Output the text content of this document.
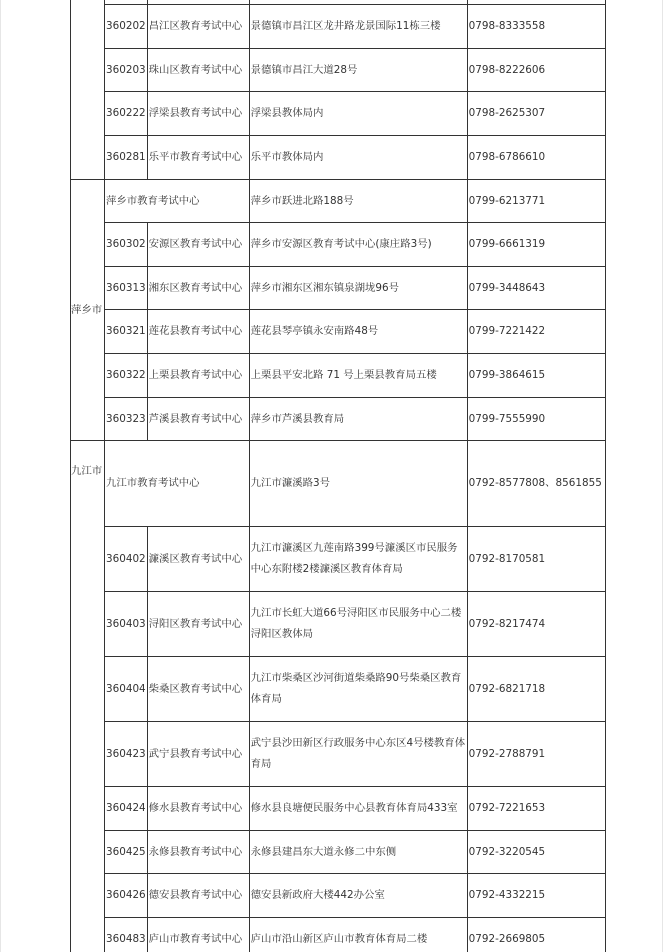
	360202	昌江区教育考试中心	景德镇市昌江区龙井路龙景国际11栋三楼	0798-8333558
	360203	珠山区教育考试中心	景德镇市昌江大道28号	0798-8222606
	360222	浮梁县教育考试中心	浮梁县教体局内	0798-2625307
	360281	乐平市教育考试中心	乐平市教体局内	0798-6786610
萍乡市	萍乡市教育考试中心		萍乡市跃进北路188号	0799-6213771
	360302	安源区教育考试中心	萍乡市安源区教育考试中心(康庄路3号)	0799-6661319
	360313	湘东区教育考试中心	萍乡市湘东区湘东镇泉湖垅96号	0799-3448643
	360321	莲花县教育考试中心	莲花县琴亭镇永安南路48号	0799-7221422
	360322	上栗县教育考试中心	上栗县平安北路 71 号上栗县教育局五楼	0799-3864615
	360323	芦溪县教育考试中心	萍乡市芦溪县教育局	0799-7555990

九江市	九江市教育考试中心		九江市濂溪路3号	0792-8577808、8561855
	360402	濂溪区教育考试中心	九江市濂溪区九莲南路399号濂溪区市民服务中心东附楼2楼濂溪区教育体育局	0792-8170581
	360403	浔阳区教育考试中心	九江市长虹大道66号浔阳区市民服务中心二楼浔阳区教体局	0792-8217474
	360404	柴桑区教育考试中心	九江市柴桑区沙河街道柴桑路90号柴桑区教育体育局	0792-6821718
	360423	武宁县教育考试中心	武宁县沙田新区行政服务中心东区4号楼教育体育局	0792-2788791
	360424	修水县教育考试中心	修水县良塘便民服务中心县教育体育局433室	0792-7221653
	360425	永修县教育考试中心	永修县建昌东大道永修二中东侧	0792-3220545
	360426	德安县教育考试中心	德安县新政府大楼442办公室	0792-4332215
	360483	庐山市教育考试中心	庐山市沿山新区庐山市教育体育局二楼	0792-2669805
